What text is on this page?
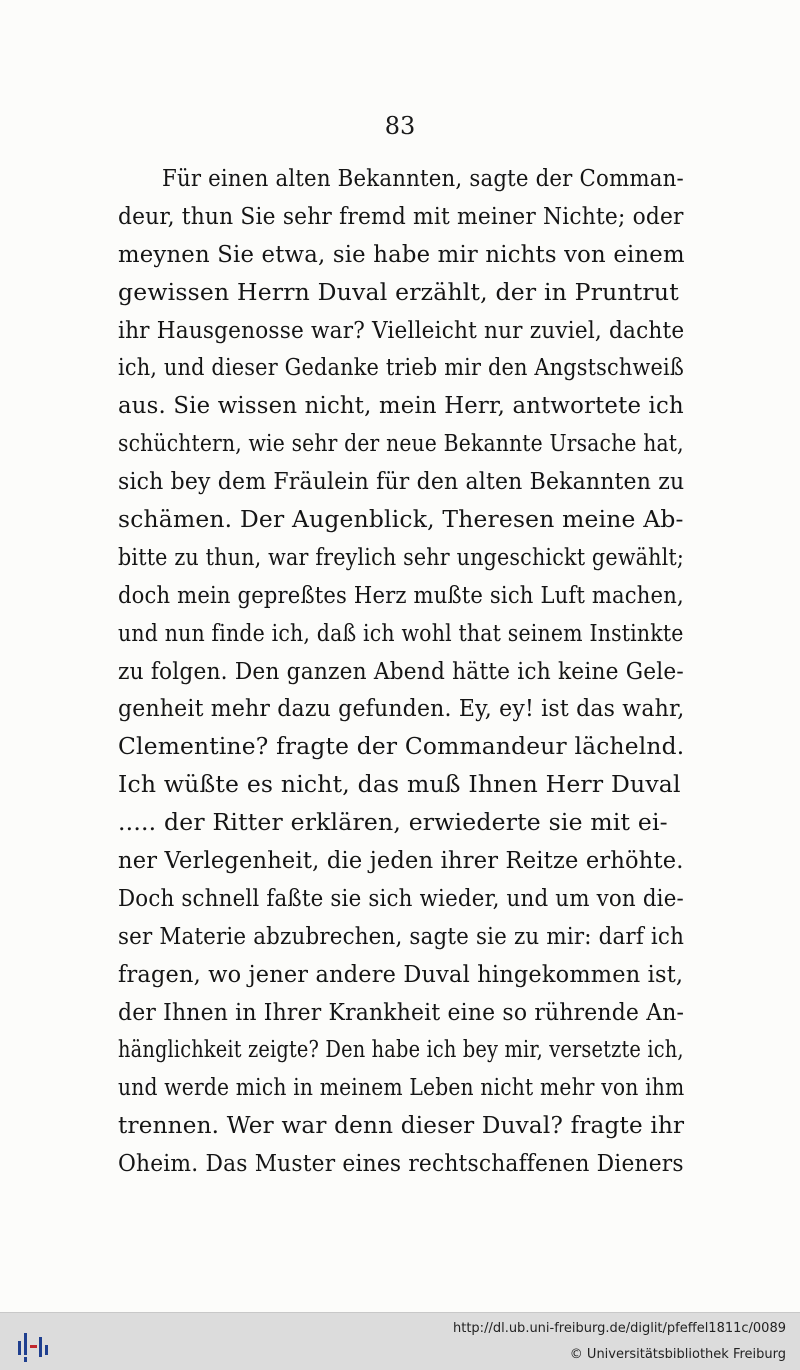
83
Für einen alten Bekannten, sagte der Comman-
deur, thun Sie sehr fremd mit meiner Nichte; oder
meynen Sie etwa, sie habe mir nichts von einem
gewissen Herrn Duval erzählt, der in Pruntrut
ihr Hausgenosse war? Vielleicht nur zuviel, dachte
ich, und dieser Gedanke trieb mir den Angstschweiß
aus. Sie wissen nicht, mein Herr, antwortete ich
schüchtern, wie sehr der neue Bekannte Ursache hat,
sich bey dem Fräulein für den alten Bekannten zu
schämen. Der Augenblick, Theresen meine Ab-
bitte zu thun, war freylich sehr ungeschickt gewählt;
doch mein gepreßtes Herz mußte sich Luft machen,
und nun finde ich, daß ich wohl that seinem Instinkte
zu folgen. Den ganzen Abend hätte ich keine Gele-
genheit mehr dazu gefunden. Ey, ey! ist das wahr,
Clementine? fragte der Commandeur lächelnd.
Ich wüßte es nicht, das muß Ihnen Herr Duval
..... der Ritter erklären, erwiederte sie mit ei-
ner Verlegenheit, die jeden ihrer Reitze erhöhte.
Doch schnell faßte sie sich wieder, und um von die-
ser Materie abzubrechen, sagte sie zu mir: darf ich
fragen, wo jener andere Duval hingekommen ist,
der Ihnen in Ihrer Krankheit eine so rührende An-
hänglichkeit zeigte? Den habe ich bey mir, versetzte ich,
und werde mich in meinem Leben nicht mehr von ihm
trennen. Wer war denn dieser Duval? fragte ihr
Oheim. Das Muster eines rechtschaffenen Dieners
http://dl.ub.uni-freiburg.de/diglit/pfeffel1811c/0089
© Universitätsbibliothek Freiburg
